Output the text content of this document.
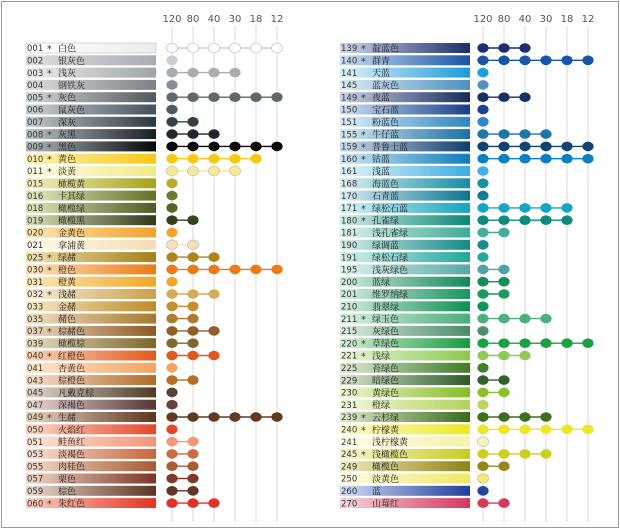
120 80 40 30 18 12
001 * 白色
002 银灰色
003 * 浅灰
004 钢铁灰
005 * 灰色
006 鼠灰色
007 深灰
008 * 灰黑
009 * 黑色
010 * 黄色
011 * 淡黄
015 橄榄黄
016 卡其绿
018 橄榄绿
019 橄榄黑
020 金黄色
021 拿浦黄
025 * 绿赭
030 * 橙色
031 橙黄
032 * 浅赭
033 金赭
035 赭色
037 * 棕赭色
039 橄榄棕
040 * 红橙色
041 杏黄色
043 棕橙色
045 凡戴克棕
047 深褐色
049 * 生赭
050 火焰红
051 鲑鱼红
053 淡褐色
055 肉桂色
057 栗色
059 棕色
060 * 朱红色
120 80 40 30 18 12
139 * 靛蓝色
140 * 群青
141 天蓝
145 蓝灰色
149 * 夜蓝
150 宝石蓝
151 粉蓝色
155 * 牛仔蓝
159 * 普鲁士蓝
160 * 钴蓝
161 浅蓝
168 海蓝色
170 石青蓝
171 * 绿松石蓝
180 * 孔雀绿
181 浅孔雀绿
190 绿调蓝
191 绿松石绿
195 浅灰绿色
200 蓝绿
201 维罗纳绿
210 翡翠绿
211 * 绿玉色
215 灰绿色
220 * 草绿色
221 * 浅绿
225 苔绿色
229 暗绿色
230 黄绿色
231 橙绿
239 * 云杉绿
240 * 柠檬黄
241 浅柠檬黄
245 * 浅橄榄色
249 橄榄色
250 淡黄色
260 蓝
270 山莓红
